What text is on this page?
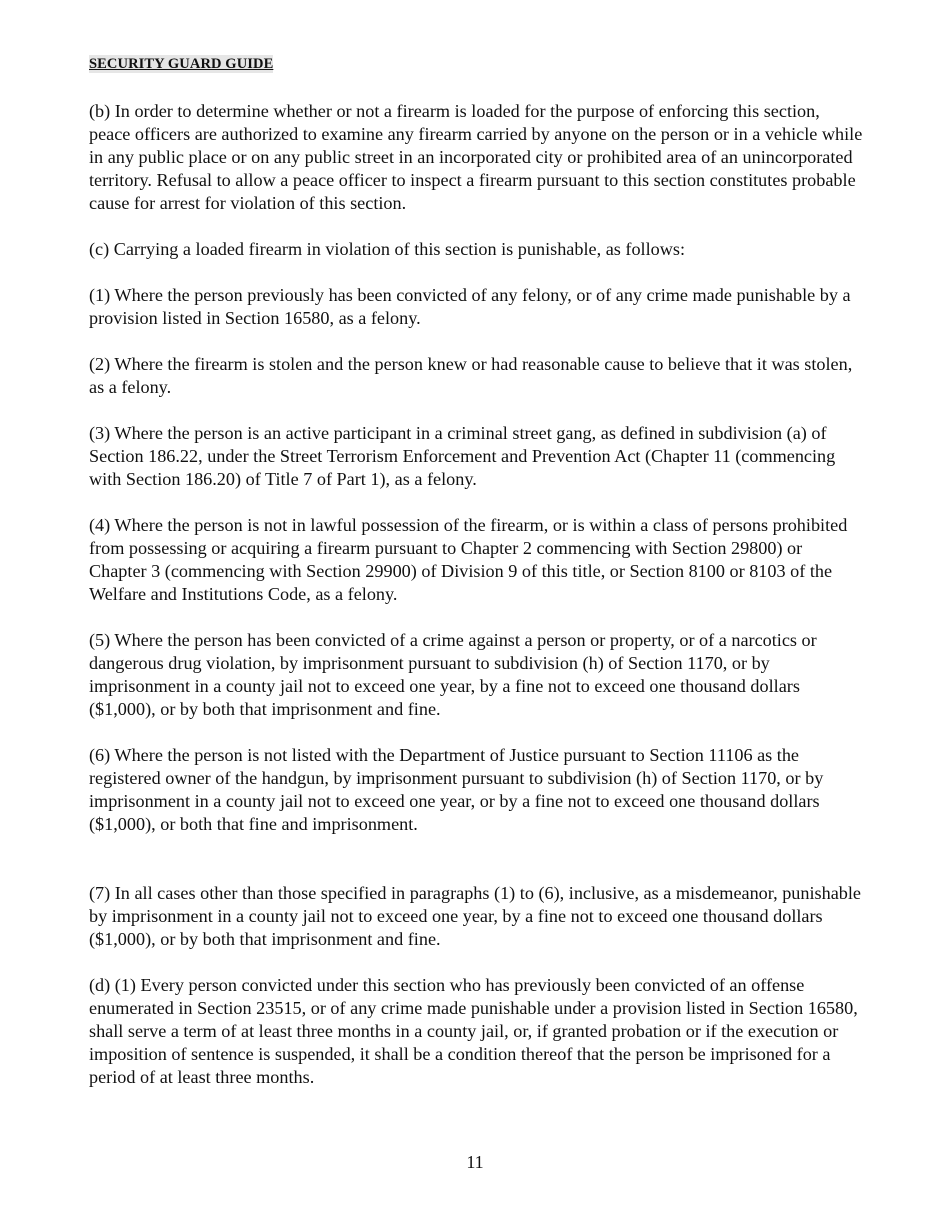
SECURITY GUARD GUIDE

(b) In order to determine whether or not a firearm is loaded for the purpose of enforcing this section, peace officers are authorized to examine any firearm carried by anyone on the person or in a vehicle while in any public place or on any public street in an incorporated city or prohibited area of an unincorporated territory. Refusal to allow a peace officer to inspect a firearm pursuant to this section constitutes probable cause for arrest for violation of this section.

(c) Carrying a loaded firearm in violation of this section is punishable, as follows:

(1) Where the person previously has been convicted of any felony, or of any crime made punishable by a provision listed in Section 16580, as a felony.

(2) Where the firearm is stolen and the person knew or had reasonable cause to believe that it was stolen, as a felony.

(3) Where the person is an active participant in a criminal street gang, as defined in subdivision (a) of Section 186.22, under the Street Terrorism Enforcement and Prevention Act (Chapter 11 (commencing with Section 186.20) of Title 7 of Part 1), as a felony.

(4) Where the person is not in lawful possession of the firearm, or is within a class of persons prohibited from possessing or acquiring a firearm pursuant to Chapter 2 commencing with Section 29800) or Chapter 3 (commencing with Section 29900) of Division 9 of this title, or Section 8100 or 8103 of the Welfare and Institutions Code, as a felony.

(5) Where the person has been convicted of a crime against a person or property, or of a narcotics or dangerous drug violation, by imprisonment pursuant to subdivision (h) of Section 1170, or by imprisonment in a county jail not to exceed one year, by a fine not to exceed one thousand dollars ($1,000), or by both that imprisonment and fine.

(6) Where the person is not listed with the Department of Justice pursuant to Section 11106 as the registered owner of the handgun, by imprisonment pursuant to subdivision (h) of Section 1170, or by imprisonment in a county jail not to exceed one year, or by a fine not to exceed one thousand dollars ($1,000), or both that fine and imprisonment.

(7) In all cases other than those specified in paragraphs (1) to (6), inclusive, as a misdemeanor, punishable by imprisonment in a county jail not to exceed one year, by a fine not to exceed one thousand dollars ($1,000), or by both that imprisonment and fine.

(d) (1) Every person convicted under this section who has previously been convicted of an offense enumerated in Section 23515, or of any crime made punishable under a provision listed in Section 16580, shall serve a term of at least three months in a county jail, or, if granted probation or if the execution or imposition of sentence is suspended, it shall be a condition thereof that the person be imprisoned for a period of at least three months.

11
